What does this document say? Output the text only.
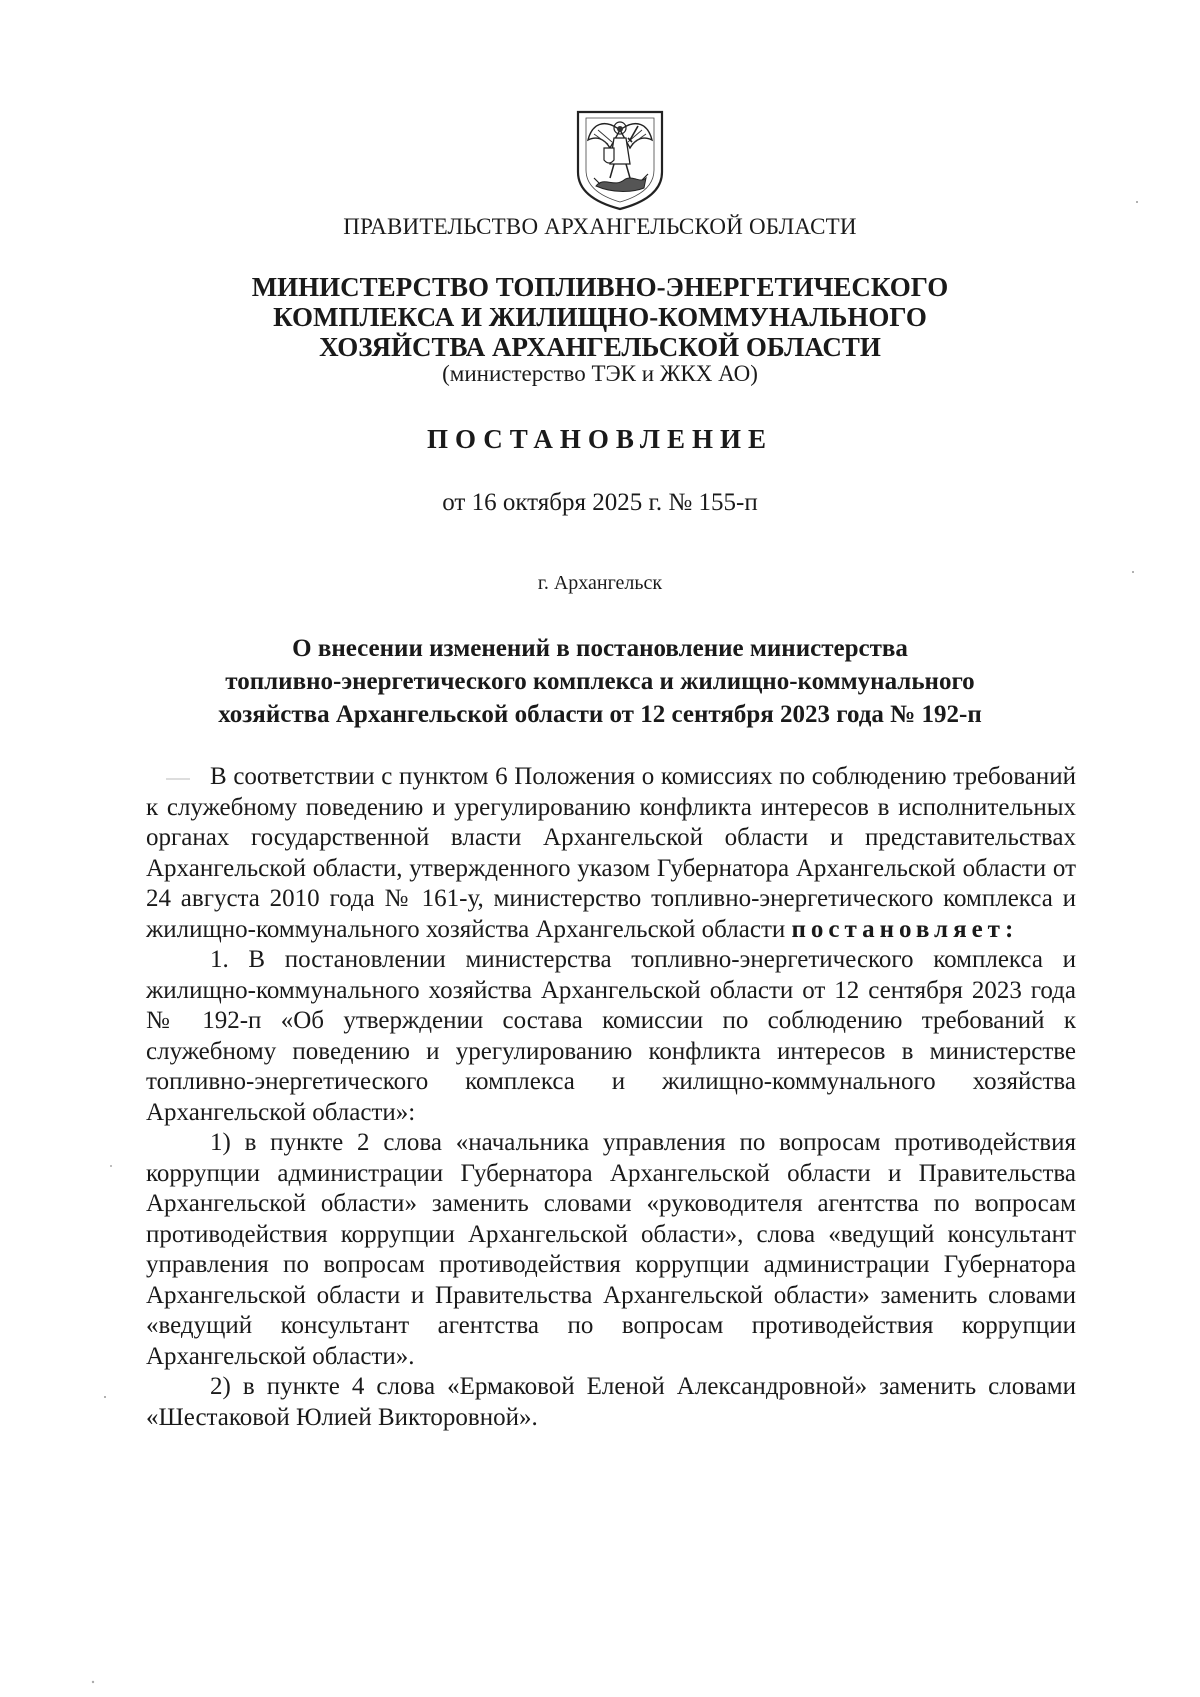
ПРАВИТЕЛЬСТВО АРХАНГЕЛЬСКОЙ ОБЛАСТИ
МИНИСТЕРСТВО ТОПЛИВНО-ЭНЕРГЕТИЧЕСКОГО
КОМПЛЕКСА И ЖИЛИЩНО-КОММУНАЛЬНОГО
ХОЗЯЙСТВА АРХАНГЕЛЬСКОЙ ОБЛАСТИ
(министерство ТЭК и ЖКХ АО)
ПОСТАНОВЛЕНИЕ
от 16 октября 2025 г. № 155-п
г. Архангельск
О внесении изменений в постановление министерства
топливно-энергетического комплекса и жилищно-коммунального
хозяйства Архангельской области от 12 сентября 2023 года № 192-п

В соответствии с пунктом 6 Положения о комиссиях по соблюдению требований к служебному поведению и урегулированию конфликта интересов в исполнительных органах государственной власти Архангельской области и представительствах Архангельской области, утвержденного указом Губернатора Архангельской области от 24 августа 2010 года № 161-у, министерство топливно-энергетического комплекса и жилищно-коммунального хозяйства Архангельской области постановляет:

1. В постановлении министерства топливно-энергетического комплекса и жилищно-коммунального хозяйства Архангельской области от 12 сентября 2023 года № 192-п «Об утверждении состава комиссии по соблюдению требований к служебному поведению и урегулированию конфликта интересов в министерстве топливно-энергетического комплекса и жилищно-коммунального хозяйства Архангельской области»:

1) в пункте 2 слова «начальника управления по вопросам противодействия коррупции администрации Губернатора Архангельской области и Правительства Архангельской области» заменить словами «руководителя агентства по вопросам противодействия коррупции Архангельской области», слова «ведущий консультант управления по вопросам противодействия коррупции администрации Губернатора Архангельской области и Правительства Архангельской области» заменить словами «ведущий консультант агентства по вопросам противодействия коррупции Архангельской области».

2) в пункте 4 слова «Ермаковой Еленой Александровной» заменить словами «Шестаковой Юлией Викторовной».
